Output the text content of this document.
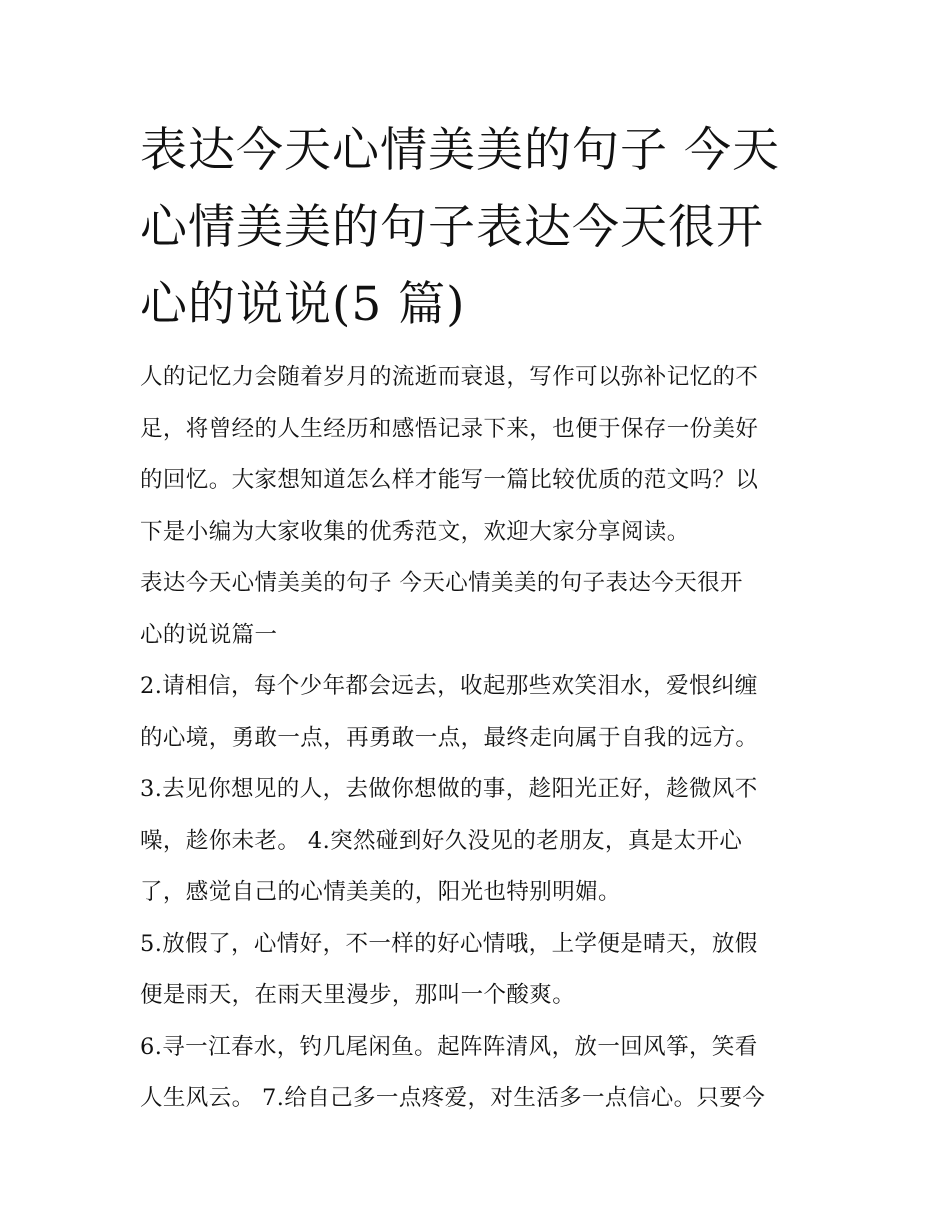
表达今天心情美美的句子 今天
心情美美的句子表达今天很开
心的说说(5 篇)
人的记忆力会随着岁月的流逝而衰退，写作可以弥补记忆的不
足，将曾经的人生经历和感悟记录下来，也便于保存一份美好
的回忆。大家想知道怎么样才能写一篇比较优质的范文吗？以
下是小编为大家收集的优秀范文，欢迎大家分享阅读。
表达今天心情美美的句子 今天心情美美的句子表达今天很开
心的说说篇一
2.请相信，每个少年都会远去，收起那些欢笑泪水，爱恨纠缠
的心境，勇敢一点，再勇敢一点，最终走向属于自我的远方。
3.去见你想见的人，去做你想做的事，趁阳光正好，趁微风不
噪，趁你未老。 4.突然碰到好久没见的老朋友，真是太开心
了，感觉自己的心情美美的，阳光也特别明媚。
5.放假了，心情好，不一样的好心情哦，上学便是晴天，放假
便是雨天，在雨天里漫步，那叫一个酸爽。
6.寻一江春水，钓几尾闲鱼。起阵阵清风，放一回风筝，笑看
人生风云。 7.给自己多一点疼爱，对生活多一点信心。只要今
